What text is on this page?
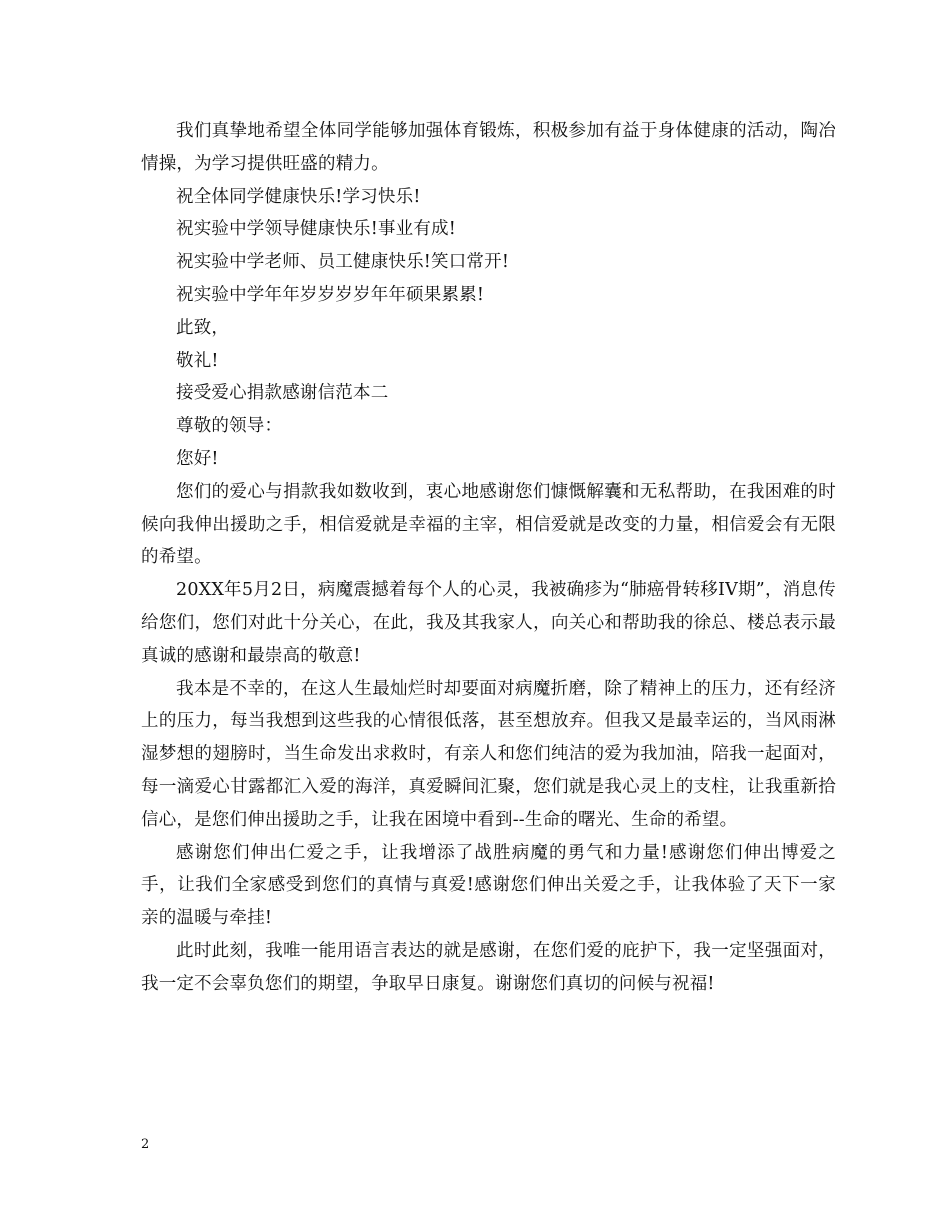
我们真挚地希望全体同学能够加强体育锻炼，积极参加有益于身体健康的活动，陶冶情操，为学习提供旺盛的精力。

祝全体同学健康快乐!学习快乐!

祝实验中学领导健康快乐!事业有成!

祝实验中学老师、员工健康快乐!笑口常开!

祝实验中学年年岁岁岁岁年年硕果累累!

此致，

敬礼!

接受爱心捐款感谢信范本二

尊敬的领导：

您好!

您们的爱心与捐款我如数收到，衷心地感谢您们慷慨解囊和无私帮助，在我困难的时候向我伸出援助之手，相信爱就是幸福的主宰，相信爱就是改变的力量，相信爱会有无限的希望。

20XX年5月2日，病魔震撼着每个人的心灵，我被确疹为“肺癌骨转移IV期”，消息传给您们，您们对此十分关心，在此，我及其我家人，向关心和帮助我的徐总、楼总表示最真诚的感谢和最崇高的敬意!

我本是不幸的，在这人生最灿烂时却要面对病魔折磨，除了精神上的压力，还有经济上的压力，每当我想到这些我的心情很低落，甚至想放弃。但我又是最幸运的，当风雨淋湿梦想的翅膀时，当生命发出求救时，有亲人和您们纯洁的爱为我加油，陪我一起面对，每一滴爱心甘露都汇入爱的海洋，真爱瞬间汇聚，您们就是我心灵上的支柱，让我重新拾信心，是您们伸出援助之手，让我在困境中看到--生命的曙光、生命的希望。

感谢您们伸出仁爱之手，让我增添了战胜病魔的勇气和力量!感谢您们伸出博爱之手，让我们全家感受到您们的真情与真爱!感谢您们伸出关爱之手，让我体验了天下一家亲的温暖与牵挂!

此时此刻，我唯一能用语言表达的就是感谢，在您们爱的庇护下，我一定坚强面对，我一定不会辜负您们的期望，争取早日康复。谢谢您们真切的问候与祝福!

2
